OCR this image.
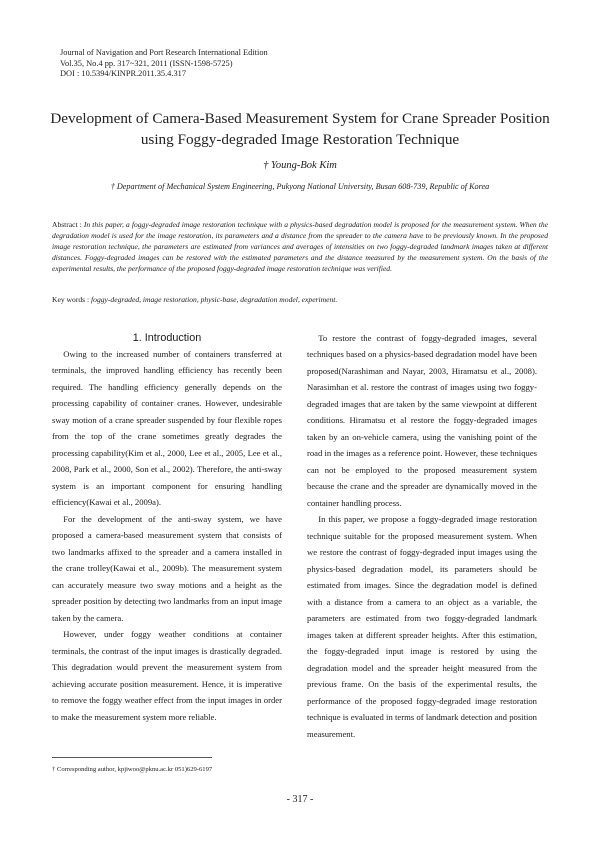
Journal of Navigation and Port Research International Edition
Vol.35, No.4 pp. 317~321, 2011 (ISSN-1598-5725)
DOI : 10.5394/KINPR.2011.35.4.317
Development of Camera-Based Measurement System for Crane Spreader Position
using Foggy-degraded Image Restoration Technique
† Young-Bok Kim
† Department of Mechanical System Engineering, Pukyong National University, Busan 608-739, Republic of Korea
Abstract : In this paper, a foggy-degraded image restoration technique with a physics-based degradation model is proposed for the measurement system. When the degradation model is used for the image restoration, its parameters and a distance from the spreader to the camera have to be previously known. In the proposed image restoration technique, the parameters are estimated from variances and averages of intensities on two foggy-degraded landmark images taken at different distances. Foggy-degraded images can be restored with the estimated parameters and the distance measured by the measurement system. On the basis of the experimental results, the performance of the proposed foggy-degraded image restoration technique was verified.
Key words : foggy-degraded, image restoration, physic-base, degradation model, experiment.

1. Introduction

Owing to the increased number of containers transferred at terminals, the improved handling efficiency has recently been required. The handling efficiency generally depends on the processing capability of container cranes. However, undesirable sway motion of a crane spreader suspended by four flexible ropes from the top of the crane sometimes greatly degrades the processing capability(Kim et al., 2000, Lee et al., 2005, Lee et al., 2008, Park et al., 2000, Son et al., 2002). Therefore, the anti-sway system is an important component for ensuring handling efficiency(Kawai et al., 2009a).

For the development of the anti-sway system, we have proposed a camera-based measurement system that consists of two landmarks affixed to the spreader and a camera installed in the crane trolley(Kawai et al., 2009b). The measurement system can accurately measure two sway motions and a height as the spreader position by detecting two landmarks from an input image taken by the camera.

However, under foggy weather conditions at container terminals, the contrast of the input images is drastically degraded. This degradation would prevent the measurement system from achieving accurate position measurement. Hence, it is imperative to remove the foggy weather effect from the input images in order to make the measurement system more reliable.

To restore the contrast of foggy-degraded images, several techniques based on a physics-based degradation model have been proposed(Narashiman and Nayar, 2003, Hiramatsu et al., 2008). Narasimhan et al. restore the contrast of images using two foggy-degraded images that are taken by the same viewpoint at different conditions. Hiramatsu et al restore the foggy-degraded images taken by an on-vehicle camera, using the vanishing point of the road in the images as a reference point. However, these techniques can not be employed to the proposed measurement system because the crane and the spreader are dynamically moved in the container handling process.

In this paper, we propose a foggy-degraded image restoration technique suitable for the proposed measurement system. When we restore the contrast of foggy-degraded input images using the physics-based degradation model, its parameters should be estimated from images. Since the degradation model is defined with a distance from a camera to an object as a variable, the parameters are estimated from two foggy-degraded landmark images taken at different spreader heights. After this estimation, the foggy-degraded input image is restored by using the degradation model and the spreader height measured from the previous frame. On the basis of the experimental results, the performance of the proposed foggy-degraded image restoration technique is evaluated in terms of landmark detection and position measurement.

† Corresponding author, kpjiwoo@pknu.ac.kr 051)629-6197
- 317 -
